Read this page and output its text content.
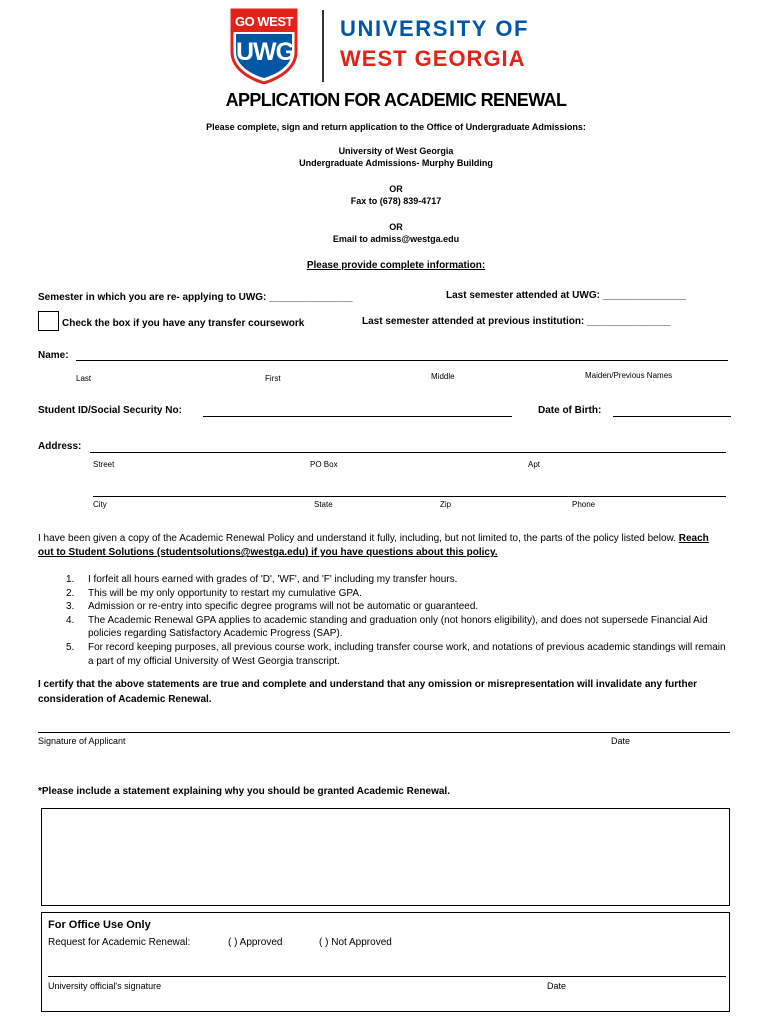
GO WEST
UWG
UNIVERSITY OF
WEST GEORGIA
APPLICATION FOR ACADEMIC RENEWAL
Please complete, sign and return application to the Office of Undergraduate Admissions:
University of West Georgia
Undergraduate Admissions- Murphy Building
OR
Fax to (678) 839-4717
OR
Email to admiss@westga.edu
Please provide complete information:
Semester in which you are re- applying to UWG: _______________	Last semester attended at UWG: _______________
Check the box if you have any transfer coursework	Last semester attended at previous institution: _______________
Name:
Last	First	Middle	Maiden/Previous Names
Student ID/Social Security No:	Date of Birth:
Address:
Street	PO Box	Apt
City	State	Zip	Phone
I have been given a copy of the Academic Renewal Policy and understand it fully, including, but not limited to, the parts of the policy listed below. Reach out to Student Solutions (studentsolutions@westga.edu) if you have questions about this policy.
1.	I forfeit all hours earned with grades of 'D', 'WF', and 'F' including my transfer hours.
2.	This will be my only opportunity to restart my cumulative GPA.
3.	Admission or re-entry into specific degree programs will not be automatic or guaranteed.
4.	The Academic Renewal GPA applies to academic standing and graduation only (not honors eligibility), and does not supersede Financial Aid policies regarding Satisfactory Academic Progress (SAP).
5.	For record keeping purposes, all previous course work, including transfer course work, and notations of previous academic standings will remain a part of my official University of West Georgia transcript.
I certify that the above statements are true and complete and understand that any omission or misrepresentation will invalidate any further consideration of Academic Renewal.
Signature of Applicant	Date
*Please include a statement explaining why you should be granted Academic Renewal.
For Office Use Only
Request for Academic Renewal:	( ) Approved	( ) Not Approved
University official's signature	Date
